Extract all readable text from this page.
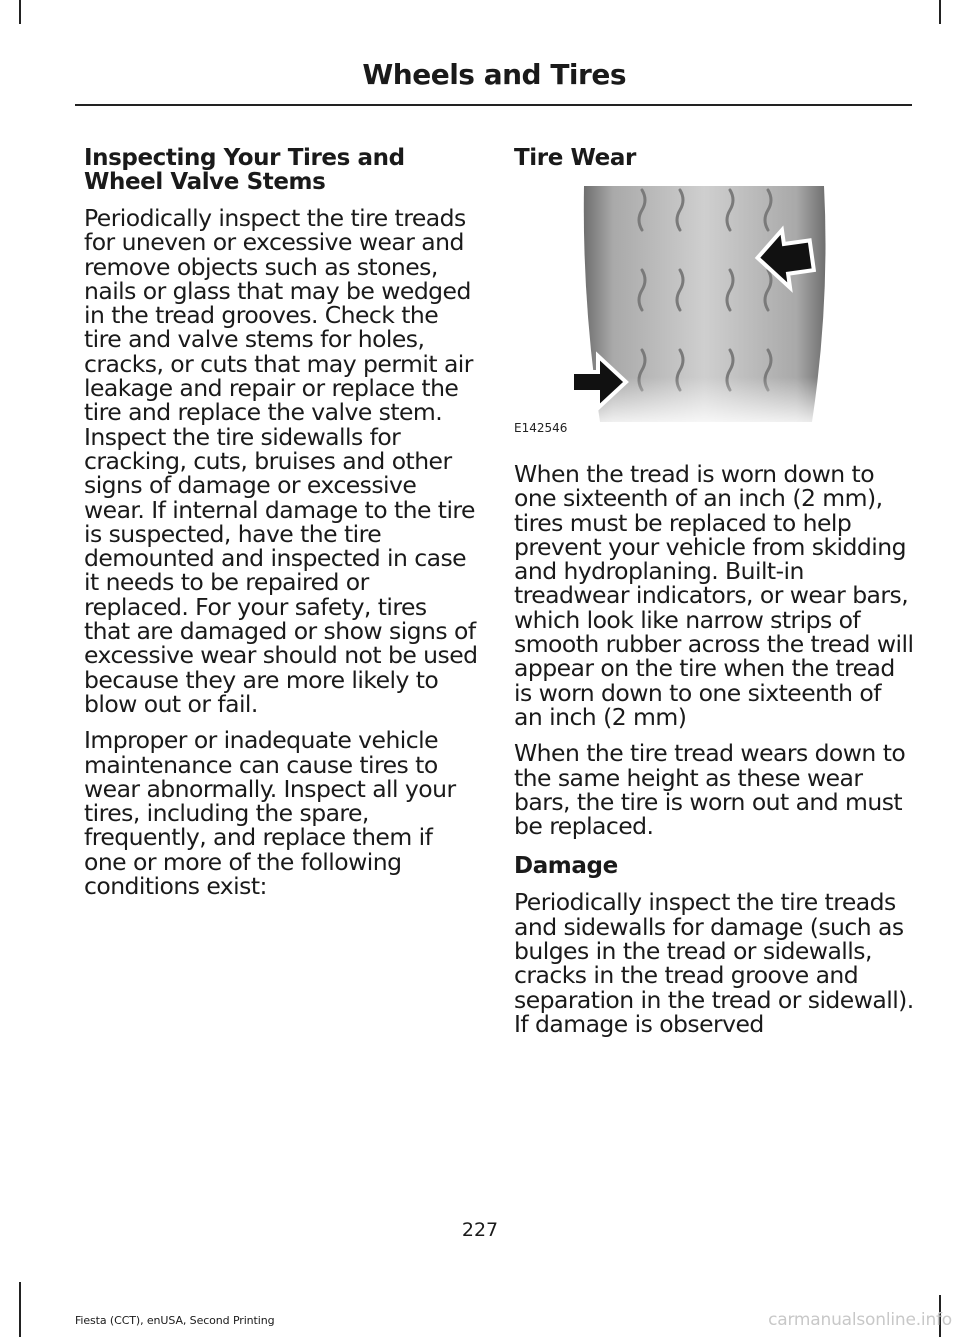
Wheels and Tires
Inspecting Your Tires and Wheel Valve Stems

Periodically inspect the tire treads for uneven or excessive wear and remove objects such as stones, nails or glass that may be wedged in the tread grooves. Check the tire and valve stems for holes, cracks, or cuts that may permit air leakage and repair or replace the tire and replace the valve stem. Inspect the tire sidewalls for cracking, cuts, bruises and other signs of damage or excessive wear. If internal damage to the tire is suspected, have the tire demounted and inspected in case it needs to be repaired or replaced. For your safety, tires that are damaged or show signs of excessive wear should not be used because they are more likely to blow out or fail.

Improper or inadequate vehicle maintenance can cause tires to wear abnormally. Inspect all your tires, including the spare, frequently, and replace them if one or more of the following conditions exist:

Tire Wear
E142546

When the tread is worn down to one sixteenth of an inch (2 mm), tires must be replaced to help prevent your vehicle from skidding and hydroplaning. Built-in treadwear indicators, or wear bars, which look like narrow strips of smooth rubber across the tread will appear on the tire when the tread is worn down to one sixteenth of an inch (2 mm)

When the tire tread wears down to the same height as these wear bars, the tire is worn out and must be replaced.

Damage

Periodically inspect the tire treads and sidewalls for damage (such as bulges in the tread or sidewalls, cracks in the tread groove and separation in the tread or sidewall). If damage is observed

227
Fiesta (CCT), enUSA, Second Printing	carmanualsonline.info
